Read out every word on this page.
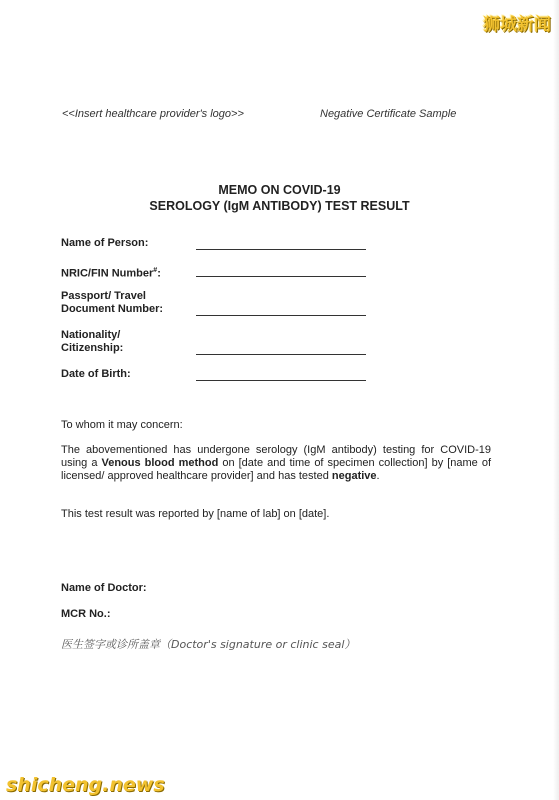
狮城新闻
<<Insert healthcare provider's logo>>	Negative Certificate Sample
MEMO ON COVID-19
SEROLOGY (IgM ANTIBODY) TEST RESULT
Name of Person:
NRIC/FIN Number#:
Passport/ Travel
Document Number:
Nationality/
Citizenship:
Date of Birth:
To whom it may concern:
The abovementioned has undergone serology (IgM antibody) testing for COVID-19 using a Venous blood method on [date and time of specimen collection] by [name of licensed/ approved healthcare provider] and has tested negative.
This test result was reported by [name of lab] on [date].
Name of Doctor:
MCR No.:
医生签字或诊所盖章（Doctor's signature or clinic seal）
shicheng.news
